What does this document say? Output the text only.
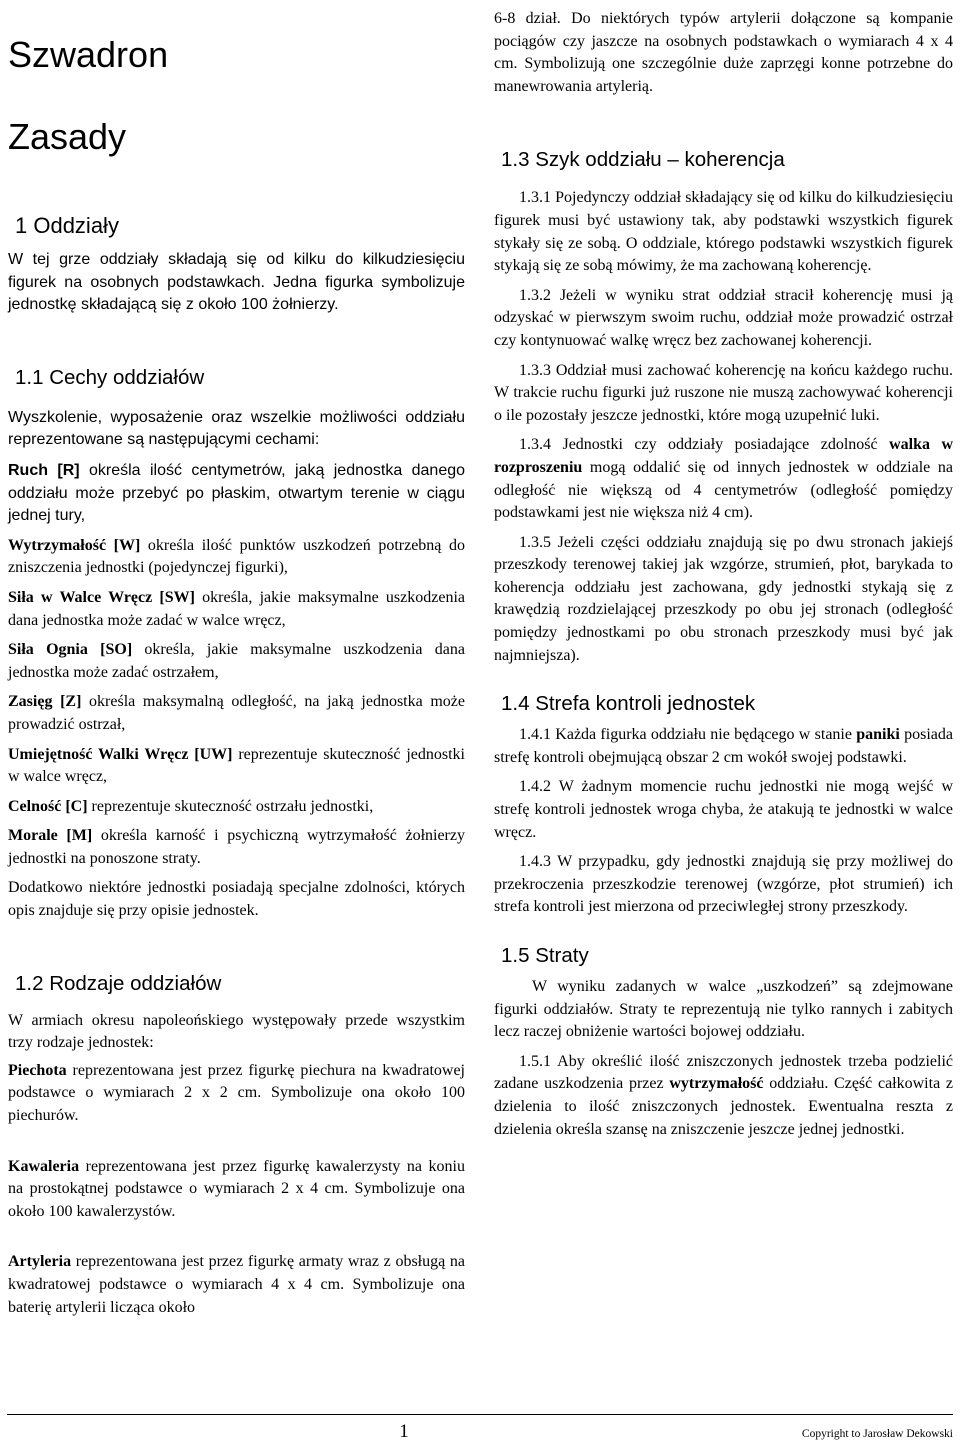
Szwadron
Zasady
1 Oddziały

W tej grze oddziały składają się od kilku do kilkudziesięciu figurek na osobnych podstawkach. Jedna figurka symbolizuje jednostkę składającą się z około 100 żołnierzy.

1.1 Cechy oddziałów

Wyszkolenie, wyposażenie oraz wszelkie możliwości oddziału reprezentowane są następującymi cechami:

Ruch [R] określa ilość centymetrów, jaką jednostka danego oddziału może przebyć po płaskim, otwartym terenie w ciągu jednej tury,

Wytrzymałość [W] określa ilość punktów uszkodzeń potrzebną do zniszczenia jednostki (pojedynczej figurki),

Siła w Walce Wręcz [SW] określa, jakie maksymalne uszkodzenia dana jednostka może zadać w walce wręcz,

Siła Ognia [SO] określa, jakie maksymalne uszkodzenia dana jednostka może zadać ostrzałem,

Zasięg [Z] określa maksymalną odległość, na jaką jednostka może prowadzić ostrzał,

Umiejętność Walki Wręcz [UW] reprezentuje skuteczność jednostki w walce wręcz,

Celność [C] reprezentuje skuteczność ostrzału jednostki,

Morale [M] określa karność i psychiczną wytrzymałość żołnierzy jednostki na ponoszone straty.

Dodatkowo niektóre jednostki posiadają specjalne zdolności, których opis znajduje się przy opisie jednostek.

1.2 Rodzaje oddziałów

W armiach okresu napoleońskiego występowały przede wszystkim trzy rodzaje jednostek:

Piechota reprezentowana jest przez figurkę piechura na kwadratowej podstawce o wymiarach 2 x 2 cm. Symbolizuje ona około 100 piechurów.

Kawaleria reprezentowana jest przez figurkę kawalerzysty na koniu na prostokątnej podstawce o wymiarach 2 x 4 cm. Symbolizuje ona około 100 kawalerzystów.

Artyleria reprezentowana jest przez figurkę armaty wraz z obsługą na kwadratowej podstawce o wymiarach 4 x 4 cm. Symbolizuje ona baterię artylerii licząca około

6-8 dział. Do niektórych typów artylerii dołączone są kompanie pociągów czy jaszcze na osobnych podstawkach o wymiarach 4 x 4 cm. Symbolizują one szczególnie duże zaprzęgi konne potrzebne do manewrowania artylerią.

1.3 Szyk oddziału – koherencja

1.3.1 Pojedynczy oddział składający się od kilku do kilkudziesięciu figurek musi być ustawiony tak, aby podstawki wszystkich figurek stykały się ze sobą. O oddziale, którego podstawki wszystkich figurek stykają się ze sobą mówimy, że ma zachowaną koherencję.

1.3.2 Jeżeli w wyniku strat oddział stracił koherencję musi ją odzyskać w pierwszym swoim ruchu, oddział może prowadzić ostrzał czy kontynuować walkę wręcz bez zachowanej koherencji.

1.3.3 Oddział musi zachować koherencję na końcu każdego ruchu. W trakcie ruchu figurki już ruszone nie muszą zachowywać koherencji o ile pozostały jeszcze jednostki, które mogą uzupełnić luki.

1.3.4 Jednostki czy oddziały posiadające zdolność walka w rozproszeniu mogą oddalić się od innych jednostek w oddziale na odległość nie większą od 4 centymetrów (odległość pomiędzy podstawkami jest nie większa niż 4 cm).

1.3.5 Jeżeli części oddziału znajdują się po dwu stronach jakiejś przeszkody terenowej takiej jak wzgórze, strumień, płot, barykada to koherencja oddziału jest zachowana, gdy jednostki stykają się z krawędzią rozdzielającej przeszkody po obu jej stronach (odległość pomiędzy jednostkami po obu stronach przeszkody musi być jak najmniejsza).

1.4 Strefa kontroli jednostek

1.4.1 Każda figurka oddziału nie będącego w stanie paniki posiada strefę kontroli obejmującą obszar 2 cm wokół swojej podstawki.

1.4.2 W żadnym momencie ruchu jednostki nie mogą wejść w strefę kontroli jednostek wroga chyba, że atakują te jednostki w walce wręcz.

1.4.3 W przypadku, gdy jednostki znajdują się przy możliwej do przekroczenia przeszkodzie terenowej (wzgórze, płot strumień) ich strefa kontroli jest mierzona od przeciwległej strony przeszkody.

1.5 Straty

W wyniku zadanych w walce „uszkodzeń” są zdejmowane figurki oddziałów. Straty te reprezentują nie tylko rannych i zabitych lecz raczej obniżenie wartości bojowej oddziału.

1.5.1 Aby określić ilość zniszczonych jednostek trzeba podzielić zadane uszkodzenia przez wytrzymałość oddziału. Część całkowita z dzielenia to ilość zniszczonych jednostek. Ewentualna reszta z dzielenia określa szansę na zniszczenie jeszcze jednej jednostki.

1	Copyright to Jarosław Dekowski
